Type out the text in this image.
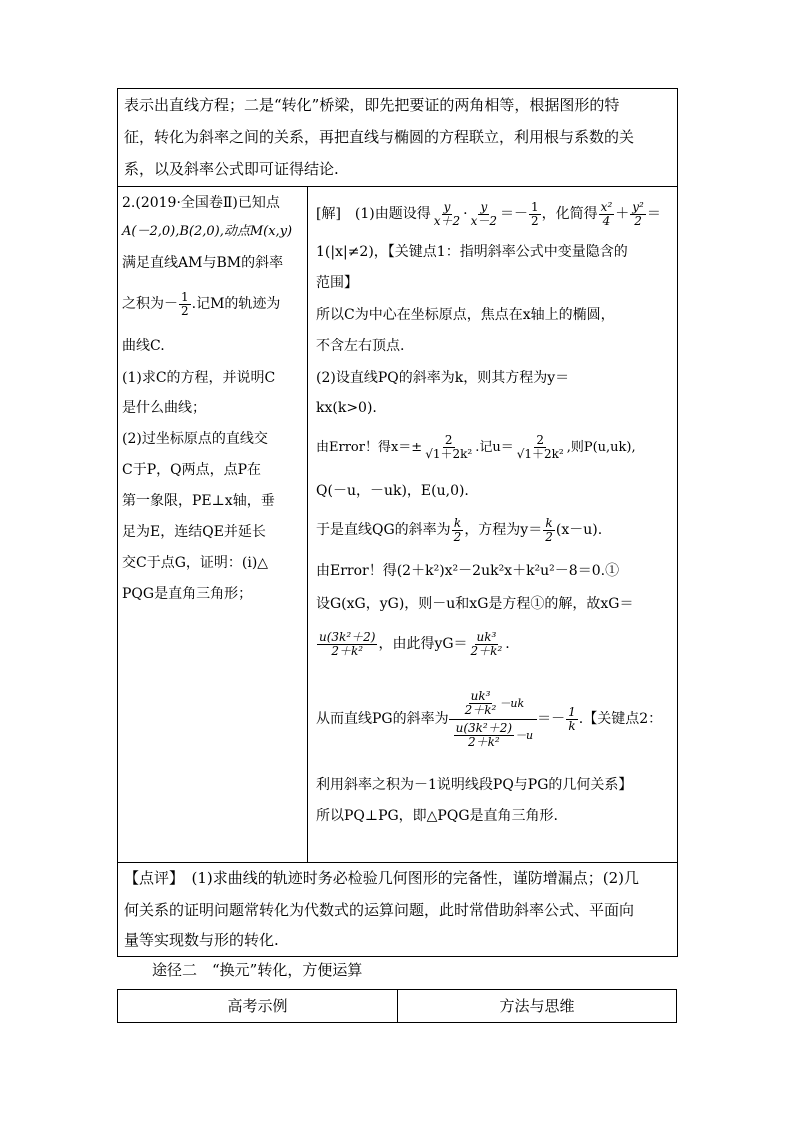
表示出直线方程；二是“转化”桥梁，即先把要证的两角相等，根据图形的特
征，转化为斜率之间的关系，再把直线与椭圆的方程联立，利用根与系数的关
系，以及斜率公式即可证得结论.
2.(2019·全国卷Ⅱ)已知点
A(－2,0),B(2,0),动点M(x,y)
满足直线AM与BM的斜率
之积为－ $\frac{1}{2}$ .记M的轨迹为
曲线C.
(1)求C的方程，并说明C
是什么曲线；
(2)过坐标原点的直线交
C于P，Q两点，点P在
第一象限，PE⊥x轴，垂
足为E，连结QE并延长
交C于点G，证明：(ⅰ)△
PQG是直角三角形；
[解]　(1)由题设得 $\frac{y}{x+2} \cdot \frac{y}{x-2} =- \frac{1}{2}$ ，化简得 $\frac{\text{x²}}{4} + \frac{\text{y²}}{2}$ ＝
1(|x|≠2)，【关键点1：指明斜率公式中变量隐含的
范围】
所以C为中心在坐标原点，焦点在x轴上的椭圆，
不含左右顶点.
(2)设直线PQ的斜率为k，则其方程为y＝
kx(k>0).
由Error！得$x=\pm \frac{2}{\text{√1＋2k²}}$ .记$u= \frac{2}{\text{√1＋2k²}}$ ,则P(u,uk),
Q(－u，－uk)，E(u,0).
于是直线QG的斜率为 $\frac{k}{2}$ ，方程为$y= \frac{k}{2} (x-u)$.
由Error！得(2＋k²)x²－2uk²x＋k²u²－8＝0.①
设G(xG，yG)，则－u和xG是方程①的解，故xG＝
$\frac{\text{u(3k²＋2)}}{\text{2＋k²}}$ ，由此得$yG= \frac{\text{uk³}}{\text{2＋k²}}$ .
从而直线PG的斜率为 $\frac{\frac{\text{uk³}}{\text{2＋k²}} -uk}{\frac{\text{u(3k²＋2)}}{\text{2＋k²}} -u} =- \frac{1}{k}$ .【关键点2：
利用斜率之积为－1说明线段PQ与PG的几何关系】
所以PQ⊥PG，即△PQG是直角三角形.
【点评】　(1)求曲线的轨迹时务必检验几何图形的完备性，谨防增漏点；(2)几
何关系的证明问题常转化为代数式的运算问题，此时常借助斜率公式、平面向
量等实现数与形的转化.
途径二　“换元”转化，方便运算
高考示例	方法与思维
